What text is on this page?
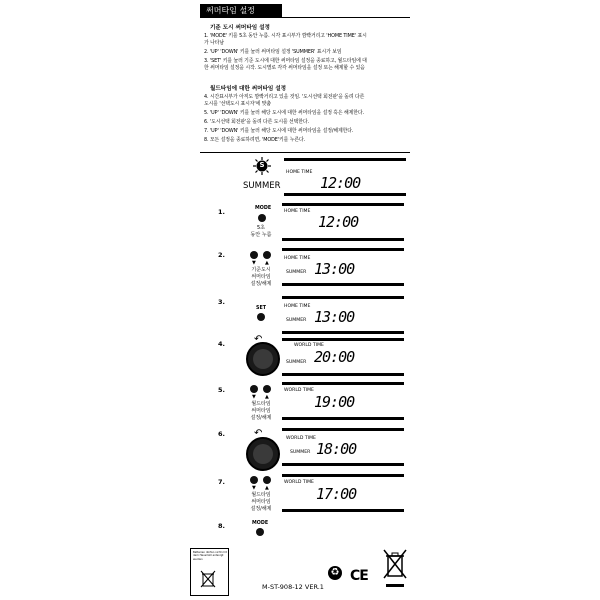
써머타임 설정
기준 도시 써머타임 설정
1. 'MODE' 키를 5초 동안 누름. 시각 표시부가 깜빡거리고 'HOME TIME' 표시
가 나타남
2. 'UP' 'DOWN' 키를 눌러 써머타임 설정 'SUMMER' 표시가 보임
3. 'SET' 키를 눌러 기준 도시에 대한 써머타임 설정을 종료하고, 월드타임에 대
한 써머타임 설정을 시작. 도시별로 각각 써머타임을 설정 또는 해제할 수 있음
월드타임에 대한 써머타임 설정
4. 시간표시부가 아직도 깜빡거리고 있을 것임. '도시선택 회전판'을 돌려 다른
도시를 '선택도시 표시자'에 맞춤
5. 'UP' 'DOWN' 키를 눌러 해당 도시에 대한 써머타임을 설정 혹은 해제한다.
6. '도시선택 회전판'을 돌려 다른 도시를 선택한다.
7. 'UP' 'DOWN' 키를 눌러 해당 도시에 대한 써머타임을 설정/해제한다.
8. 모든 설정을 종료하려면, 'MODE'키를 누른다.
S
SUMMER
HOME TIME
12:00
1.	MODE
5초
동안 누름
HOME TIME
12:00
2.
▼ ▲
기준도시
써머타임
설정/해제
HOME TIME
SUMMER 13:00
3.
SET	HOME TIME
SUMMER 13:00
4.	↶
WORLD TIME
SUMMER 20:00
5.
▼ ▲
월드타임
써머타임
설정/해제
WORLD TIME
19:00
6.	↶	WORLD TIME
SUMMER 18:00
7.
▼ ▲
월드타임
써머타임
설정/해제
WORLD TIME
17:00
8.	MODE
Batterien dürfen nicht mit dem Hausmüll entsorgt werden
M-ST-908-12 VER.1
♻ CE
